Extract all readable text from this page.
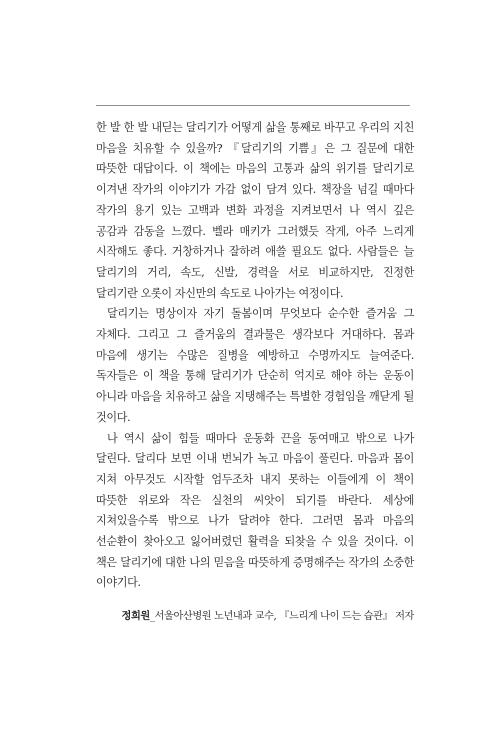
한 발 한 발 내딛는 달리기가 어떻게 삶을 통째로 바꾸고 우리의 지친 마음을 치유할 수 있을까? 『달리기의 기쁨』은 그 질문에 대한 따뜻한 대답이다. 이 책에는 마음의 고통과 삶의 위기를 달리기로 이겨낸 작가의 이야기가 가감 없이 담겨 있다. 책장을 넘길 때마다 작가의 용기 있는 고백과 변화 과정을 지켜보면서 나 역시 깊은 공감과 감동을 느꼈다. 벨라 매키가 그러했듯 작게, 아주 느리게 시작해도 좋다. 거창하거나 잘하려 애쓸 필요도 없다. 사람들은 늘 달리기의 거리, 속도, 신발, 경력을 서로 비교하지만, 진정한 달리기란 오롯이 자신만의 속도로 나아가는 여정이다.

달리기는 명상이자 자기 돌봄이며 무엇보다 순수한 즐거움 그 자체다. 그리고 그 즐거움의 결과물은 생각보다 거대하다. 몸과 마음에 생기는 수많은 질병을 예방하고 수명까지도 늘여준다. 독자들은 이 책을 통해 달리기가 단순히 억지로 해야 하는 운동이 아니라 마음을 치유하고 삶을 지탱해주는 특별한 경험임을 깨닫게 될 것이다.

나 역시 삶이 힘들 때마다 운동화 끈을 동여매고 밖으로 나가 달린다. 달리다 보면 이내 번뇌가 녹고 마음이 풀린다. 마음과 몸이 지쳐 아무것도 시작할 엄두조차 내지 못하는 이들에게 이 책이 따뜻한 위로와 작은 실천의 씨앗이 되기를 바란다. 세상에 지쳐있을수록 밖으로 나가 달려야 한다. 그러면 몸과 마음의 선순환이 찾아오고 잃어버렸던 활력을 되찾을 수 있을 것이다. 이 책은 달리기에 대한 나의 믿음을 따뜻하게 증명해주는 작가의 소중한 이야기다.

정희원_서울아산병원 노년내과 교수, 『느리게 나이 드는 습관』 저자
